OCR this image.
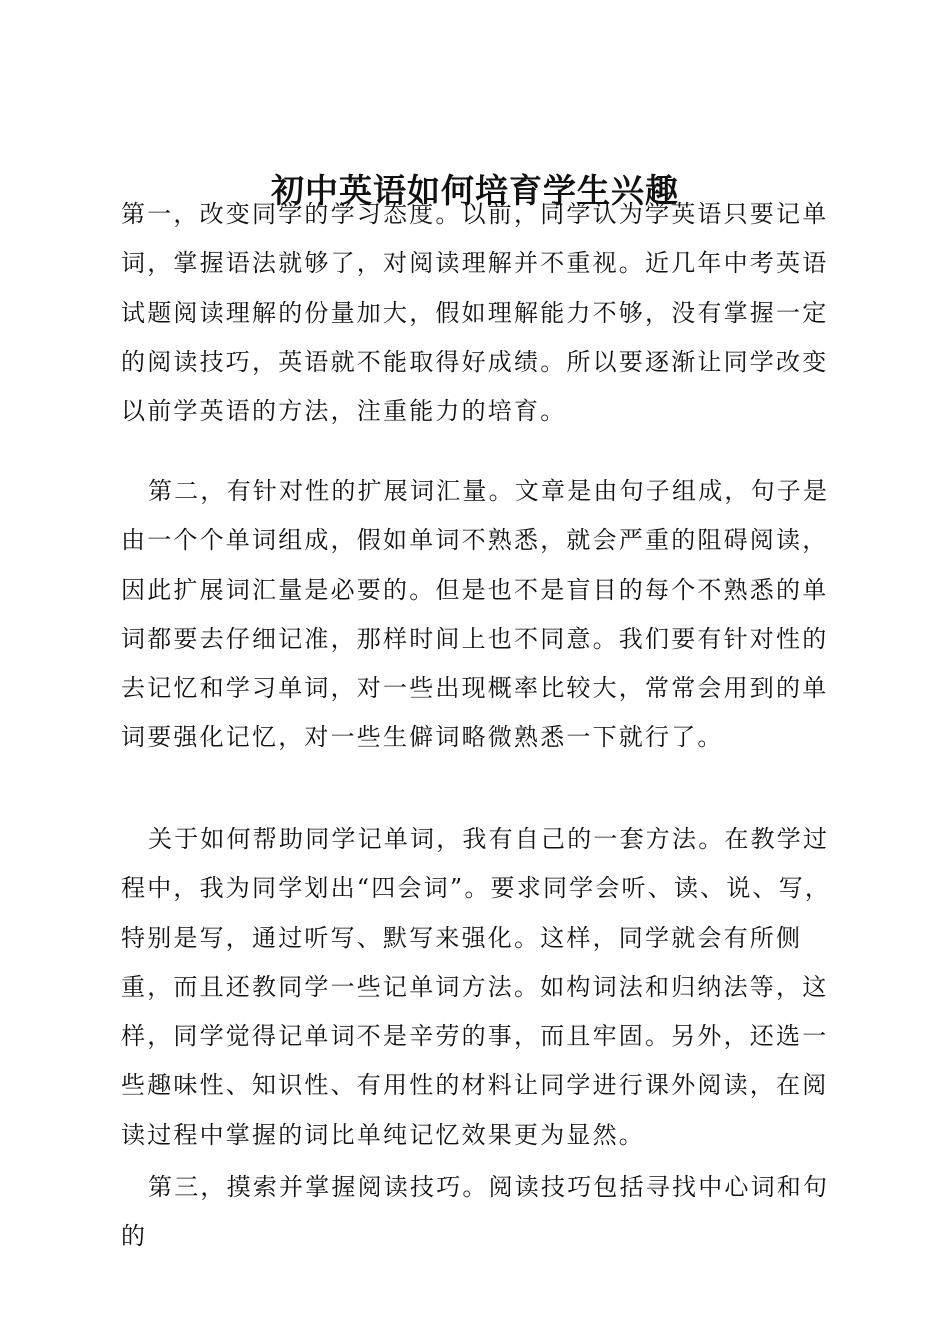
初中英语如何培育学生兴趣

第一，改变同学的学习态度。以前，同学认为学英语只要记单词，掌握语法就够了，对阅读理解并不重视。近几年中考英语试题阅读理解的份量加大，假如理解能力不够，没有掌握一定的阅读技巧，英语就不能取得好成绩。所以要逐渐让同学改变以前学英语的方法，注重能力的培育。

第二，有针对性的扩展词汇量。文章是由句子组成，句子是由一个个单词组成，假如单词不熟悉，就会严重的阻碍阅读，因此扩展词汇量是必要的。但是也不是盲目的每个不熟悉的单词都要去仔细记准，那样时间上也不同意。我们要有针对性的去记忆和学习单词，对一些出现概率比较大，常常会用到的单词要强化记忆，对一些生僻词略微熟悉一下就行了。

关于如何帮助同学记单词，我有自己的一套方法。在教学过程中，我为同学划出“四会词”。要求同学会听、读、说、写，特别是写，通过听写、默写来强化。这样，同学就会有所侧重，而且还教同学一些记单词方法。如构词法和归纳法等，这样，同学觉得记单词不是辛劳的事，而且牢固。另外，还选一些趣味性、知识性、有用性的材料让同学进行课外阅读，在阅读过程中掌握的词比单纯记忆效果更为显然。

第三，摸索并掌握阅读技巧。阅读技巧包括寻找中心词和句的
